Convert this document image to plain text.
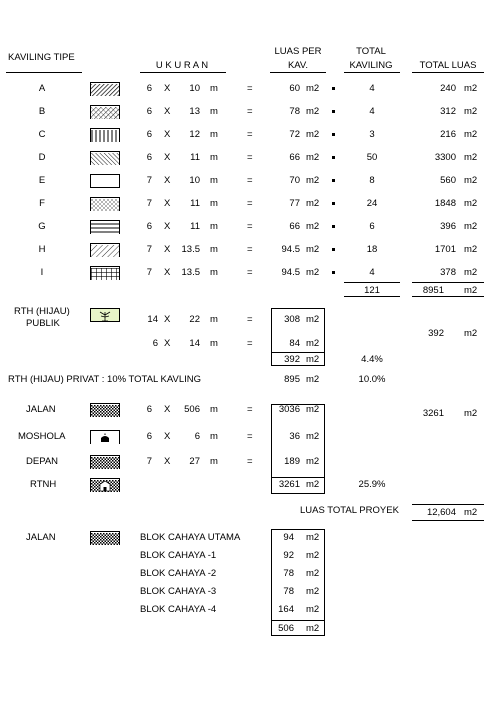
KAVILING TIPE
U K U R A N
LUAS PER
KAV.
TOTAL
KAVILING	TOTAL LUAS
A	6 X	10 m	=	60 m2	4	240 m2
B	6 X	13 m	=	78 m2	4	312 m2
C	6 X	12 m	=	72 m2	3	216 m2
D	6 X	11 m	=	66 m2	50	3300 m2
E	7 X	10 m	=	70 m2	8	560 m2
F	7 X	11 m	=	77 m2	24	1848 m2
G	6 X	11 m	=	66 m2	6	396 m2
H	7 X	13.5 m	=	94.5 m2	18	1701 m2
I	7 X	13.5 m	=	94.5 m2	4	378 m2
121	8951 m2
RTH (HIJAU)
PUBLIK	14 X	22 m	=	308 m2
6 X	14 m	=	84 m2
392 m2	4.4%
392 m2
RTH (HIJAU) PRIVAT : 10% TOTAL KAVLING	895 m2	10.0%
JALAN	6 X	506 m	=	3036 m2
MOSHOLA	6 X	6 m	=	36 m2
DEPAN	7 X	27 m	=	189 m2
RTNH	3261 m2	25.9%
3261 m2
LUAS TOTAL PROYEK	12,604 m2
JALAN	BLOK CAHAYA UTAMA	94 m2
BLOK CAHAYA -1	92 m2
BLOK CAHAYA -2	78 m2
BLOK CAHAYA -3	78 m2
BLOK CAHAYA -4	164 m2
506 m2
